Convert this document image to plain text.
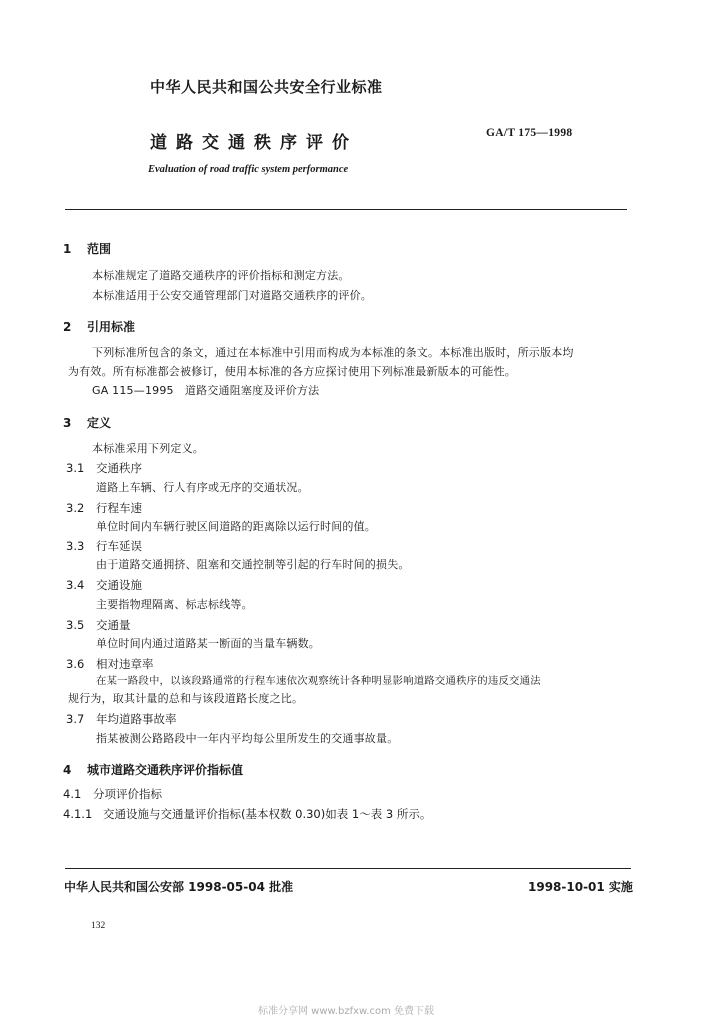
中华人民共和国公共安全行业标准
道路交通秩序评价	GA/T 175—1998
Evaluation of road traffic system performance
1 范围
本标准规定了道路交通秩序的评价指标和测定方法。
本标准适用于公安交通管理部门对道路交通秩序的评价。
2 引用标准
下列标准所包含的条文，通过在本标准中引用而构成为本标准的条文。本标准出版时，所示版本均
为有效。所有标准都会被修订，使用本标准的各方应探讨使用下列标准最新版本的可能性。
GA 115—1995　道路交通阻塞度及评价方法
3 定义
本标准采用下列定义。
3.1 交通秩序
道路上车辆、行人有序或无序的交通状况。
3.2 行程车速
单位时间内车辆行驶区间道路的距离除以运行时间的值。
3.3 行车延误
由于道路交通拥挤、阻塞和交通控制等引起的行车时间的损失。
3.4 交通设施
主要指物理隔离、标志标线等。
3.5 交通量
单位时间内通过道路某一断面的当量车辆数。
3.6 相对违章率
在某一路段中，以该段路通常的行程车速依次观察统计各种明显影响道路交通秩序的违反交通法
规行为，取其计量的总和与该段道路长度之比。
3.7 年均道路事故率
指某被测公路路段中一年内平均每公里所发生的交通事故量。
4 城市道路交通秩序评价指标值
4.1 分项评价指标
4.1.1 交通设施与交通量评价指标(基本权数 0.30)如表 1～表 3 所示。
中华人民共和国公安部 1998-05-04 批准	1998-10-01 实施
132
标准分享网 www.bzfxw.com 免费下载
